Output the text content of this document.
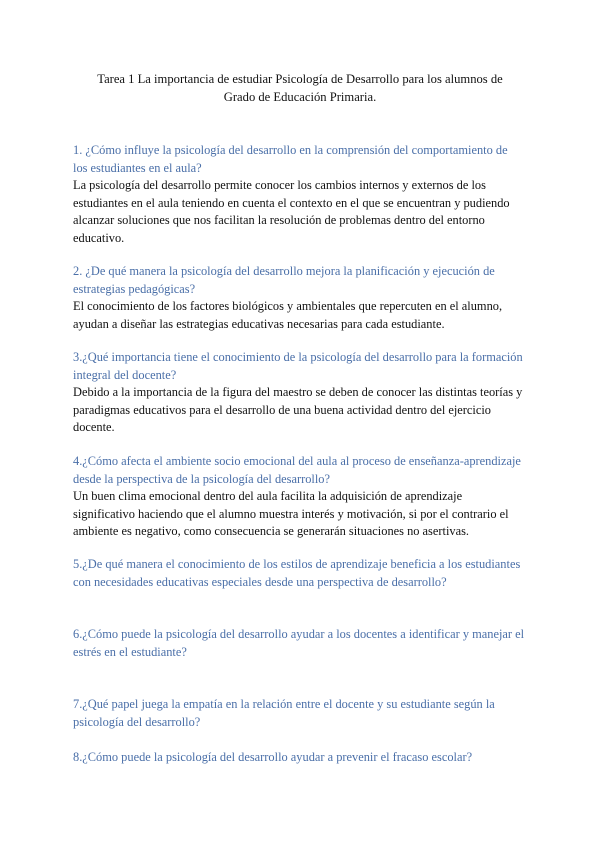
Tarea 1 La importancia de estudiar Psicología de Desarrollo para los alumnos de
Grado de Educación Primaria.
1. ¿Cómo influye la psicología del desarrollo en la comprensión del comportamiento de los estudiantes en el aula?
La psicología del desarrollo permite conocer los cambios internos y externos de los estudiantes en el aula teniendo en cuenta el contexto en el que se encuentran y pudiendo alcanzar soluciones que nos facilitan la resolución de problemas dentro del entorno educativo.
2. ¿De qué manera la psicología del desarrollo mejora la planificación y ejecución de estrategias pedagógicas?
El conocimiento de los factores biológicos y ambientales que repercuten en el alumno, ayudan a diseñar las estrategias educativas necesarias para cada estudiante.
3.¿Qué importancia tiene el conocimiento de la psicología del desarrollo para la formación integral del docente?
Debido a la importancia de la figura del maestro se deben de conocer las distintas teorías y paradigmas educativos para el desarrollo de una buena actividad dentro del ejercicio docente.
4.¿Cómo afecta el ambiente socio emocional del aula al proceso de enseñanza-aprendizaje desde la perspectiva de la psicología del desarrollo?
Un buen clima emocional dentro del aula facilita la adquisición de aprendizaje significativo haciendo que el alumno muestra interés y motivación, si por el contrario el ambiente es negativo, como consecuencia se generarán situaciones no asertivas.
5.¿De qué manera el conocimiento de los estilos de aprendizaje beneficia a los estudiantes con necesidades educativas especiales desde una perspectiva de desarrollo?
6.¿Cómo puede la psicología del desarrollo ayudar a los docentes a identificar y manejar el estrés en el estudiante?
7.¿Qué papel juega la empatía en la relación entre el docente y su estudiante según la psicología del desarrollo?
8.¿Cómo puede la psicología del desarrollo ayudar a prevenir el fracaso escolar?
